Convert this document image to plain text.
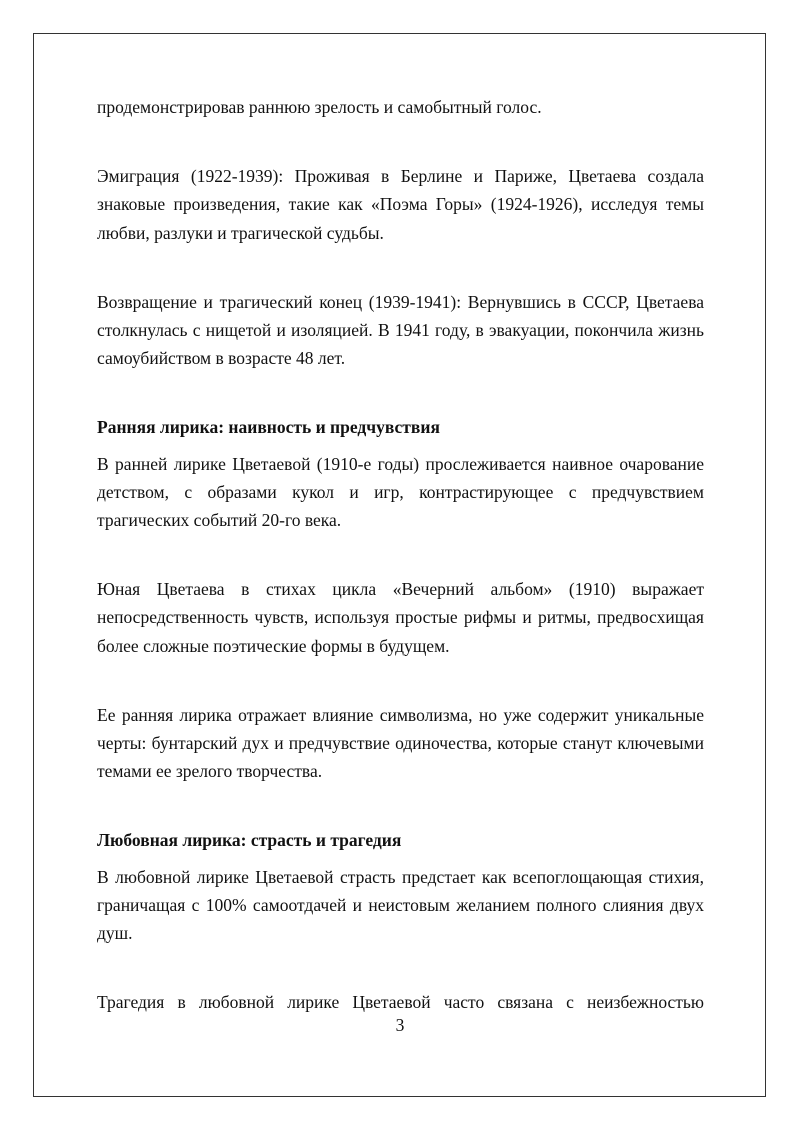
продемонстрировав раннюю зрелость и самобытный голос.

Эмиграция (1922-1939): Проживая в Берлине и Париже, Цветаева создала знаковые произведения, такие как «Поэма Горы» (1924-1926), исследуя темы любви, разлуки и трагической судьбы.

Возвращение и трагический конец (1939-1941): Вернувшись в СССР, Цветаева столкнулась с нищетой и изоляцией. В 1941 году, в эвакуации, покончила жизнь самоубийством в возрасте 48 лет.

Ранняя лирика: наивность и предчувствия

В ранней лирике Цветаевой (1910-е годы) прослеживается наивное очарование детством, с образами кукол и игр, контрастирующее с предчувствием трагических событий 20-го века.

Юная Цветаева в стихах цикла «Вечерний альбом» (1910) выражает непосредственность чувств, используя простые рифмы и ритмы, предвосхищая более сложные поэтические формы в будущем.

Ее ранняя лирика отражает влияние символизма, но уже содержит уникальные черты: бунтарский дух и предчувствие одиночества, которые станут ключевыми темами ее зрелого творчества.

Любовная лирика: страсть и трагедия

В любовной лирике Цветаевой страсть предстает как всепоглощающая стихия, граничащая с 100% самоотдачей и неистовым желанием полного слияния двух душ.

Трагедия в любовной лирике Цветаевой часто связана с неизбежностью

3
